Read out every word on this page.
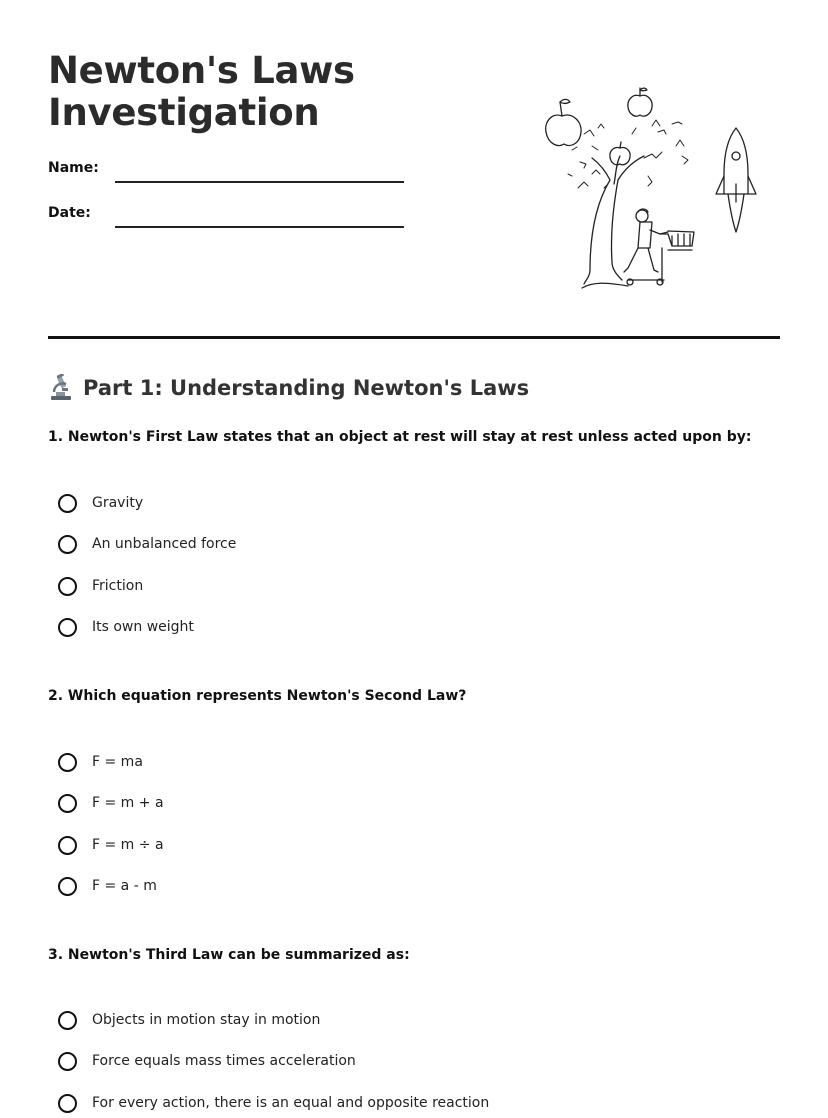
Newton's Laws
Investigation
Name:
Date:
Part 1: Understanding Newton's Laws

1. Newton's First Law states that an object at rest will stay at rest unless acted upon by:

Gravity
An unbalanced force
Friction
Its own weight

2. Which equation represents Newton's Second Law?

F = ma
F = m + a
F = m ÷ a
F = a - m

3. Newton's Third Law can be summarized as:

Objects in motion stay in motion
Force equals mass times acceleration
For every action, there is an equal and opposite reaction
